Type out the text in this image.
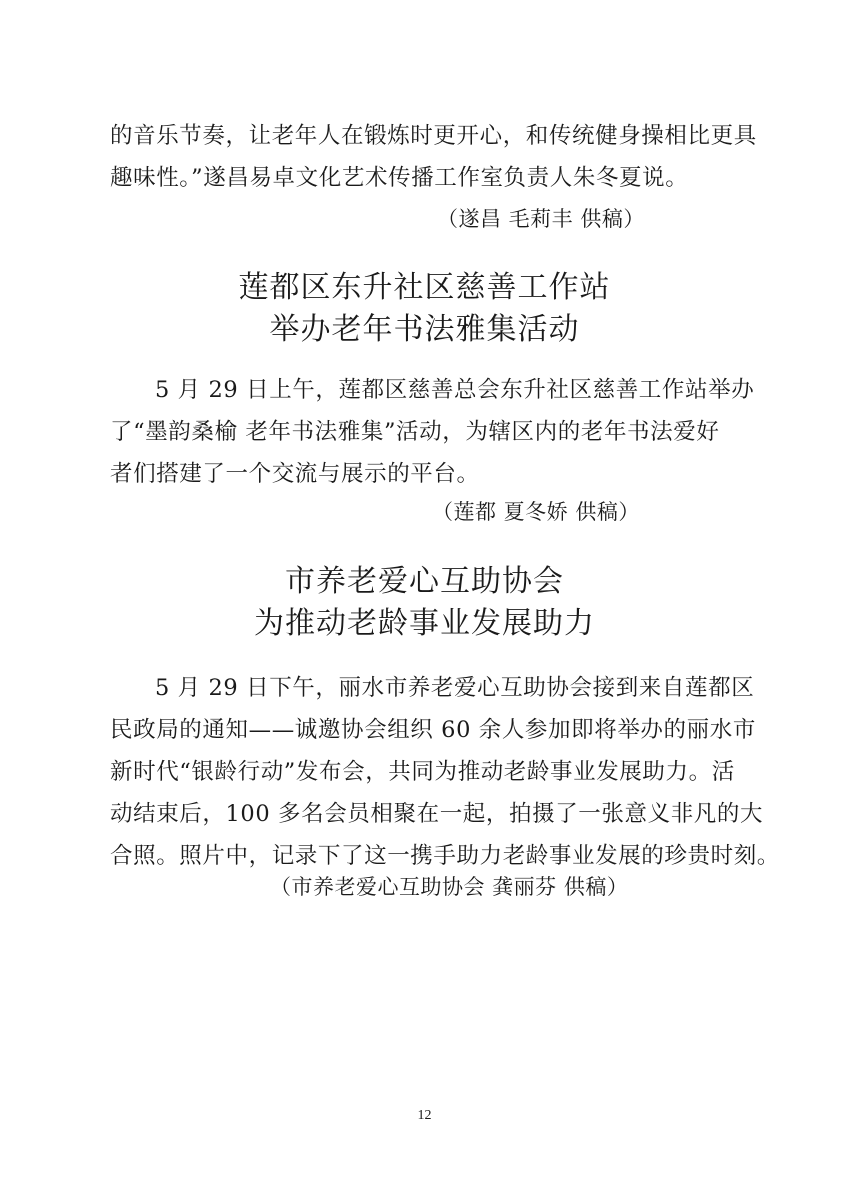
的音乐节奏，让老年人在锻炼时更开心，和传统健身操相比更具
趣味性。”遂昌易卓文化艺术传播工作室负责人朱冬夏说。
（遂昌 毛莉丰 供稿）
莲都区东升社区慈善工作站
举办老年书法雅集活动
5 月 29 日上午，莲都区慈善总会东升社区慈善工作站举办
了“墨韵桑榆 老年书法雅集”活动，为辖区内的老年书法爱好
者们搭建了一个交流与展示的平台。
（莲都 夏冬娇 供稿）
市养老爱心互助协会
为推动老龄事业发展助力
5 月 29 日下午，丽水市养老爱心互助协会接到来自莲都区
民政局的通知——诚邀协会组织 60 余人参加即将举办的丽水市
新时代“银龄行动”发布会，共同为推动老龄事业发展助力。活
动结束后，100 多名会员相聚在一起，拍摄了一张意义非凡的大
合照。照片中，记录下了这一携手助力老龄事业发展的珍贵时刻。
（市养老爱心互助协会 龚丽芬 供稿）
12
